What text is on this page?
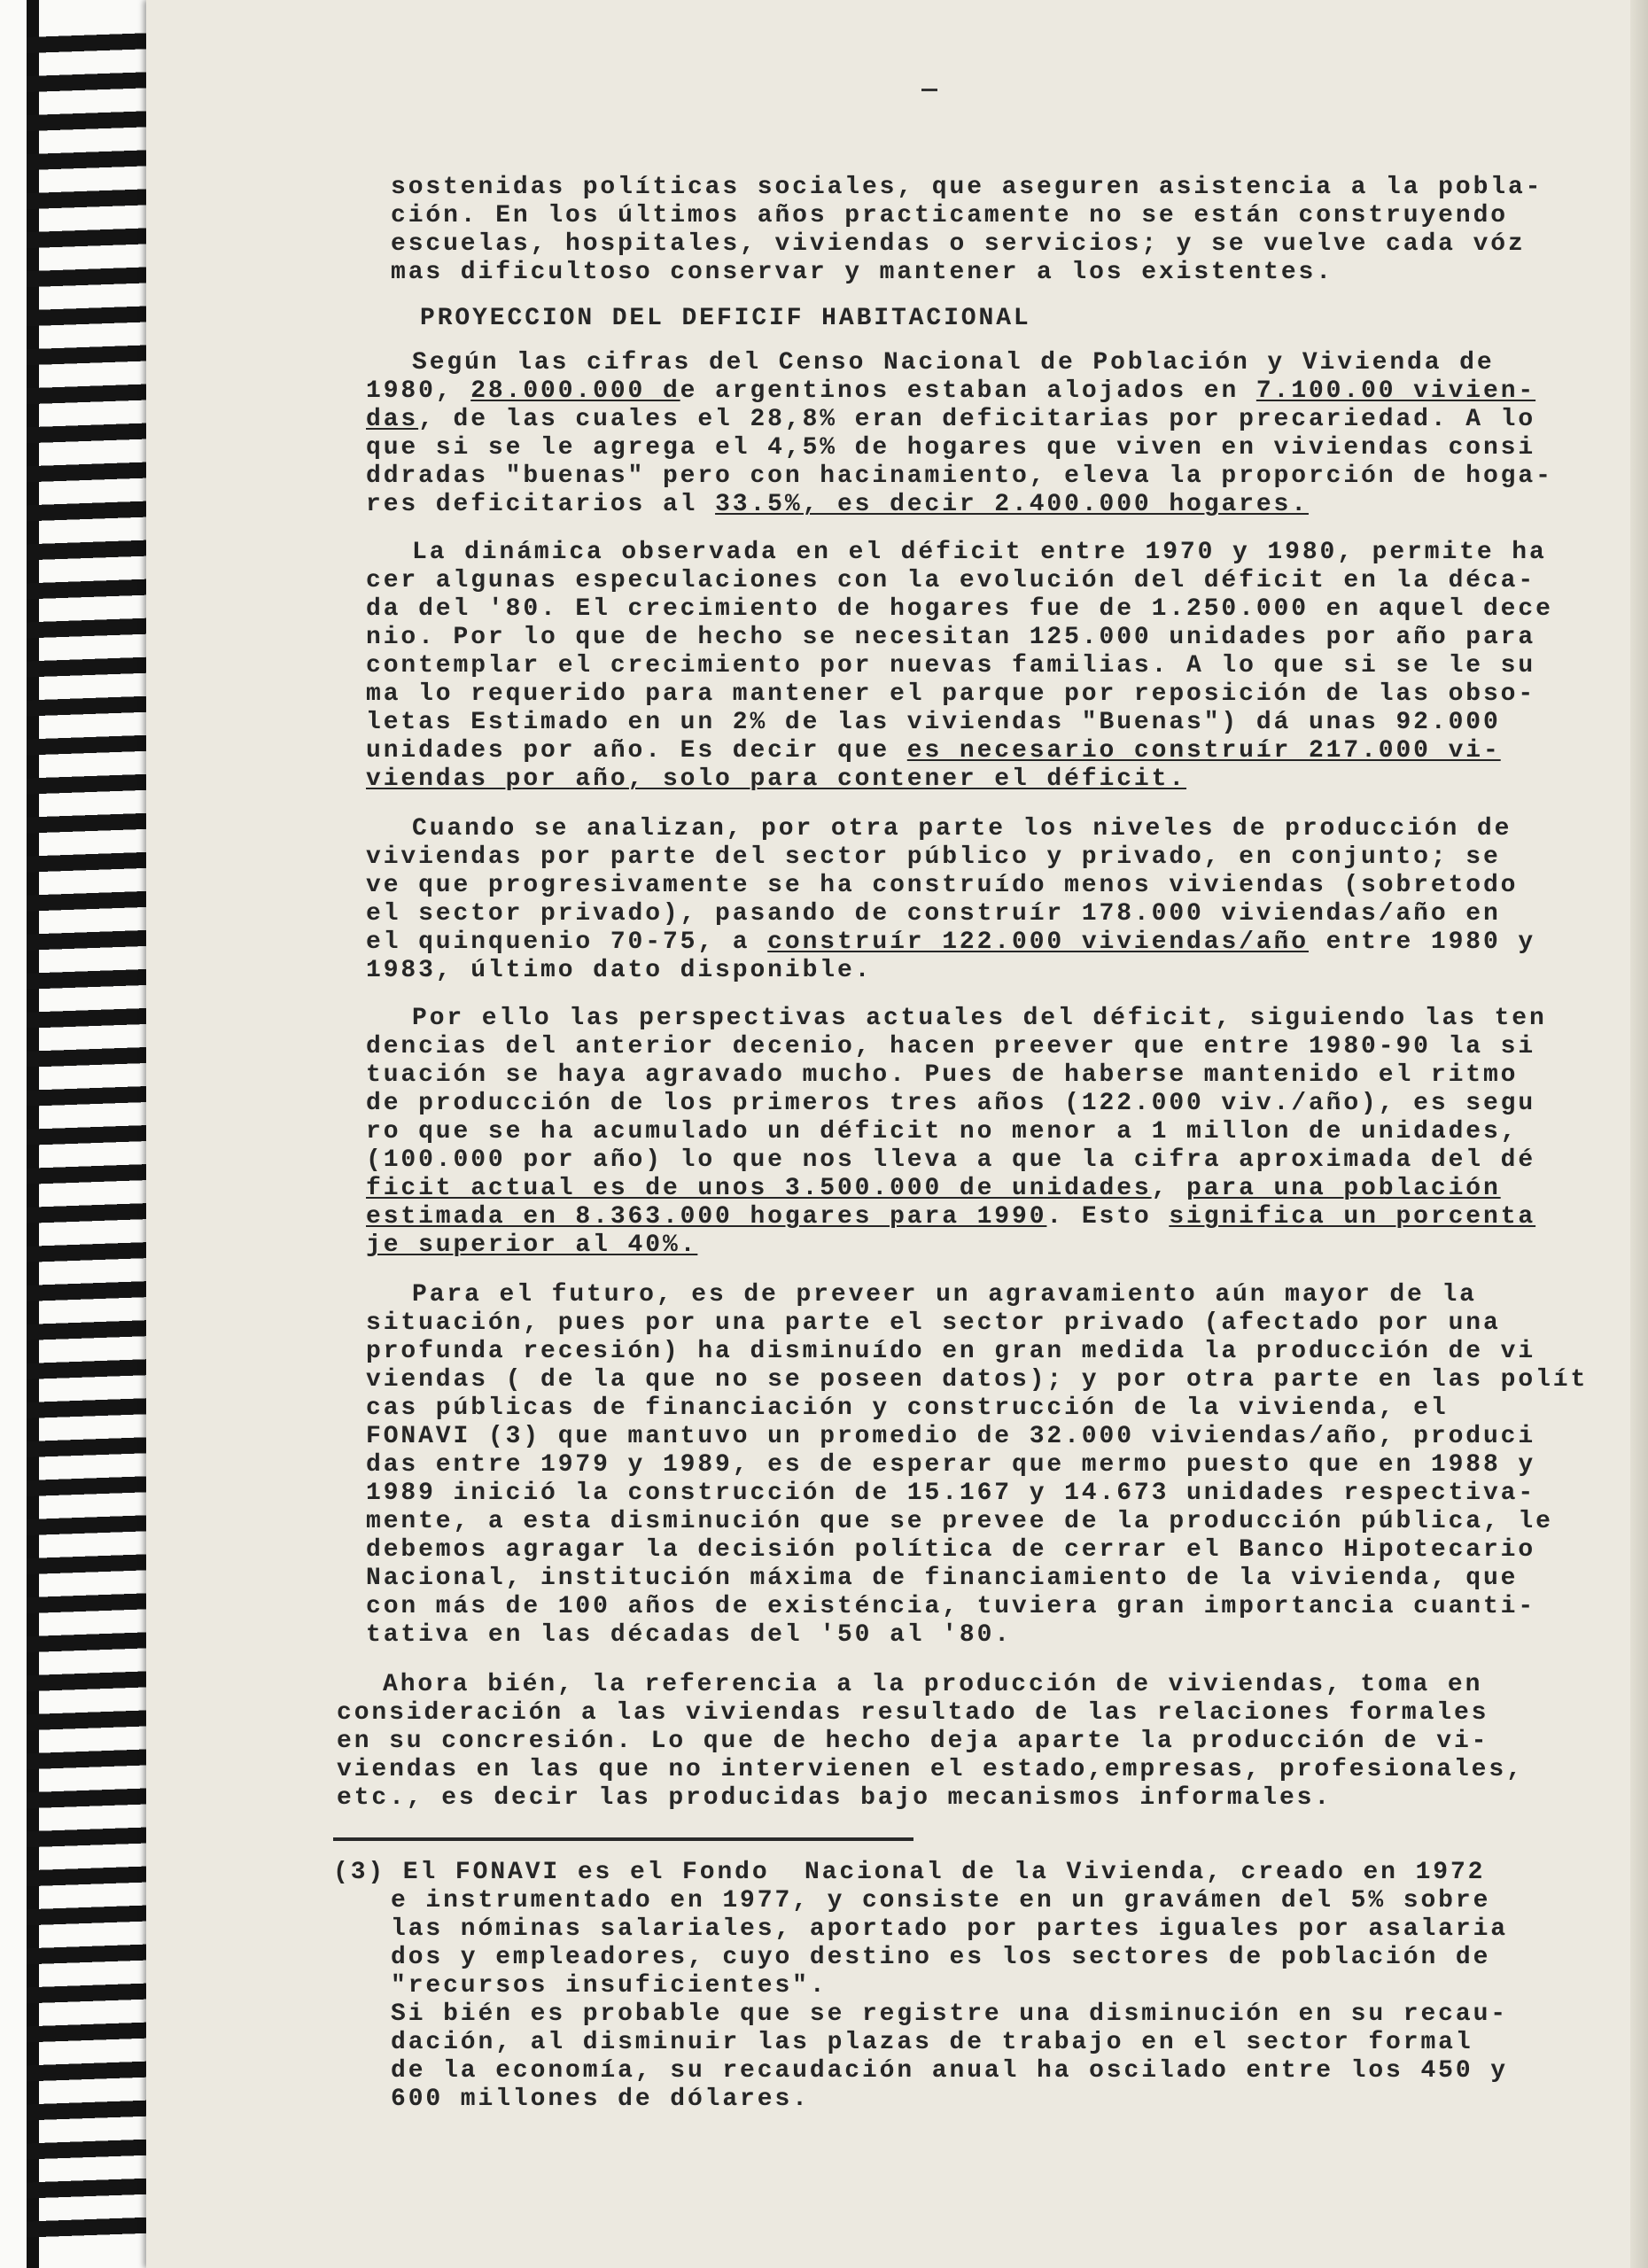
sostenidas políticas sociales, que aseguren asistencia a la pobla-
ción. En los últimos años practicamente no se están construyendo
escuelas, hospitales, viviendas o servicios; y se vuelve cada vóz
mas dificultoso conservar y mantener a los existentes.
PROYECCION DEL DEFICIF HABITACIONAL
Según las cifras del Censo Nacional de Población y Vivienda de
1980, 28.000.000 de argentinos estaban alojados en 7.100.00 vivien-
das, de las cuales el 28,8% eran deficitarias por precariedad. A lo
que si se le agrega el 4,5% de hogares que viven en viviendas consi
ddradas "buenas" pero con hacinamiento, eleva la proporción de hoga-
res deficitarios al 33.5%, es decir 2.400.000 hogares.
La dinámica observada en el déficit entre 1970 y 1980, permite ha
cer algunas especulaciones con la evolución del déficit en la déca-
da del '80. El crecimiento de hogares fue de 1.250.000 en aquel dece
nio. Por lo que de hecho se necesitan 125.000 unidades por año para
contemplar el crecimiento por nuevas familias. A lo que si se le su
ma lo requerido para mantener el parque por reposición de las obso-
letas Estimado en un 2% de las viviendas "Buenas") dá unas 92.000
unidades por año. Es decir que es necesario construír 217.000 vi-
viendas por año, solo para contener el déficit.
Cuando se analizan, por otra parte los niveles de producción de
viviendas por parte del sector público y privado, en conjunto; se
ve que progresivamente se ha construído menos viviendas (sobretodo
el sector privado), pasando de construír 178.000 viviendas/año en
el quinquenio 70-75, a construír 122.000 viviendas/año entre 1980 y
1983, último dato disponible.
Por ello las perspectivas actuales del déficit, siguiendo las ten
dencias del anterior decenio, hacen preever que entre 1980-90 la si
tuación se haya agravado mucho. Pues de haberse mantenido el ritmo
de producción de los primeros tres años (122.000 viv./año), es segu
ro que se ha acumulado un déficit no menor a 1 millon de unidades,
(100.000 por año) lo que nos lleva a que la cifra aproximada del dé
ficit actual es de unos 3.500.000 de unidades, para una población
estimada en 8.363.000 hogares para 1990. Esto significa un porcenta
je superior al 40%.
Para el futuro, es de preveer un agravamiento aún mayor de la
situación, pues por una parte el sector privado (afectado por una
profunda recesión) ha disminuído en gran medida la producción de vi
viendas ( de la que no se poseen datos); y por otra parte en las polít
cas públicas de financiación y construcción de la vivienda, el
FONAVI (3) que mantuvo un promedio de 32.000 viviendas/año, produci
das entre 1979 y 1989, es de esperar que mermo puesto que en 1988 y
1989 inició la construcción de 15.167 y 14.673 unidades respectiva-
mente, a esta disminución que se prevee de la producción pública, le
debemos agragar la decisión política de cerrar el Banco Hipotecario
Nacional, institución máxima de financiamiento de la vivienda, que
con más de 100 años de existéncia, tuviera gran importancia cuanti-
tativa en las décadas del '50 al '80.
Ahora bién, la referencia a la producción de viviendas, toma en
consideración a las viviendas resultado de las relaciones formales
en su concresión. Lo que de hecho deja aparte la producción de vi-
viendas en las que no intervienen el estado,empresas, profesionales,
etc., es decir las producidas bajo mecanismos informales.
(3) El FONAVI es el Fondo  Nacional de la Vivienda, creado en 1972
e instrumentado en 1977, y consiste en un gravámen del 5% sobre
las nóminas salariales, aportado por partes iguales por asalaria
dos y empleadores, cuyo destino es los sectores de población de
"recursos insuficientes".
Si bién es probable que se registre una disminución en su recau-
dación, al disminuir las plazas de trabajo en el sector formal
de la economía, su recaudación anual ha oscilado entre los 450 y
600 millones de dólares.
